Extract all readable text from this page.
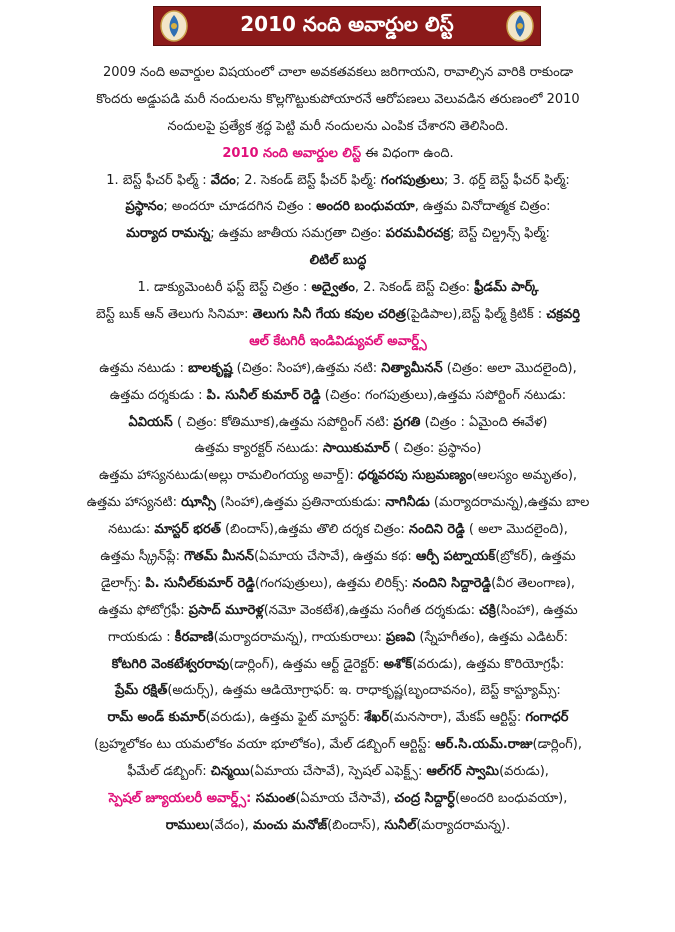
2010 నంది అవార్డుల లిస్ట్
2009 నంది అవార్డుల విషయంలో చాలా అవకతవకలు జరిగాయని, రావాల్సిన వారికి రాకుండా
కొందరు అడ్డుపడి మరీ నందులను కొల్లగొట్టుకుపోయారనే ఆరోపణలు వెలువడిన తరుణంలో 2010
నందులపై ప్రత్యేక శ్రద్ధ పెట్టి మరీ నందులను ఎంపిక చేశారని తెలిసింది.
2010 నంది అవార్డుల లిస్ట్ ఈ విధంగా ఉంది.
1. బెస్ట్ ఫీచర్ ఫిల్మ్ : వేదం; 2. సెకండ్ బెస్ట్ ఫీచర్ ఫిల్మ్: గంగపుత్రులు; 3. థర్డ్ బెస్ట్ ఫీచర్ ఫిల్మ్:
ప్రస్థానం; అందరూ చూడదగిన చిత్రం : అందరి బంధువయా, ఉత్తమ వినోదాత్మక చిత్రం:
మర్యాద రామన్న; ఉత్తమ జాతీయ సమగ్రతా చిత్రం: పరమవీరచక్ర; బెస్ట్ చిల్డ్రన్స్ ఫిల్మ్:
లిటిల్ బుద్ధ
1. డాక్యుమెంటరీ ఫస్ట్ బెస్ట్ చిత్రం : అద్వైతం, 2. సెకండ్ బెస్ట్ చిత్రం: ఫ్రీడమ్ పార్క్
బెస్ట్ బుక్ ఆన్ తెలుగు సినిమా: తెలుగు సినీ గేయ కవుల చరిత్ర(పైడిపాల),బెస్ట్ ఫిల్మ్ క్రిటిక్ : చక్రవర్తి
ఆల్ కేటగిరీ ఇండివిడ్యువల్ అవార్డ్స్
ఉత్తమ నటుడు : బాలకృష్ణ (చిత్రం: సింహా),ఉత్తమ నటి: నిత్యామీనన్ (చిత్రం: అలా మొదలైంది),
ఉత్తమ దర్శకుడు : పి. సునీల్ కుమార్ రెడ్డి (చిత్రం: గంగపుత్రులు),ఉత్తమ సపోర్టింగ్ నటుడు:
ఏవియస్ ( చిత్రం: కోతిమూక),ఉత్తమ సపోర్టింగ్ నటి: ప్రగతి (చిత్రం : ఏమైంది ఈవేళ)
ఉత్తమ క్యారక్టర్ నటుడు: సాయికుమార్ ( చిత్రం: ప్రస్థానం)
ఉత్తమ హాస్యనటుడు(అల్లు రామలింగయ్య అవార్డ్): ధర్మవరపు సుబ్రమణ్యం(ఆలస్యం అమృతం),
ఉత్తమ హాస్యనటి: ఝాన్సీ (సింహా),ఉత్తమ ప్రతినాయకుడు: నాగినీడు (మర్యాదరామన్న),ఉత్తమ బాల
నటుడు: మాస్టర్ భరత్ (బిందాస్),ఉత్తమ తొలి దర్శక చిత్రం: నందిని రెడ్డి ( అలా మొదలైంది),
ఉత్తమ స్క్రీన్‌ప్లే: గౌతమ్ మీనన్(ఏమాయ చేసావే), ఉత్తమ కథ: ఆర్పీ పట్నాయక్(బ్రోకర్), ఉత్తమ
డైలాగ్స్: పి. సునీల్‌కుమార్ రెడ్డి(గంగపుత్రులు), ఉత్తమ లిరిక్స్: నందిని సిద్దారెడ్డి(వీర తెలంగాణ),
ఉత్తమ ఫోటోగ్రఫీ: ప్రసాద్ మూరెళ్ల(నమో వెంకటేశ),ఉత్తమ సంగీత దర్శకుడు: చక్రి(సింహా), ఉత్తమ
గాయకుడు : కీరవాణి(మర్యాదరామన్న), గాయకురాలు: ప్రణవి (స్నేహగీతం), ఉత్తమ ఎడిటర్:
కోటగిరి వెంకటేశ్వరరావు(డార్లింగ్), ఉత్తమ ఆర్ట్ డైరెక్టర్: అశోక్(వరుడు), ఉత్తమ కొరియోగ్రఫీ:
ప్రేమ్ రక్షిత్(అదుర్స్), ఉత్తమ ఆడియోగ్రాఫర్: ఇ. రాధాకృష్ణ(బృందావనం), బెస్ట్ కాస్ట్యూమ్స్:
రామ్ అండ్ కుమార్(వరుడు), ఉత్తమ ఫైట్ మాస్టర్: శేఖర్(మనసారా), మేకప్ ఆర్టిస్ట్: గంగాధర్
(బ్రహ్మలోకం టు యమలోకం వయా భూలోకం), మేల్ డబ్బింగ్ ఆర్టిస్ట్: ఆర్.సి.యమ్.రాజు(డార్లింగ్),
ఫీమేల్ డబ్బింగ్: చిన్మయి(ఏమాయ చేసావే), స్పెషల్ ఎఫెక్ట్స్: ఆల్‌గర్ స్వామి(వరుడు),
స్పెషల్ జ్యూయలరీ అవార్డ్స్: సమంత(ఏమాయ చేసావే), చంద్ర సిద్దార్ధ్(అందరి బంధువయా),
రాములు(వేదం), మంచు మనోజ్(బిందాస్), సునీల్(మర్యాదరామన్న).
